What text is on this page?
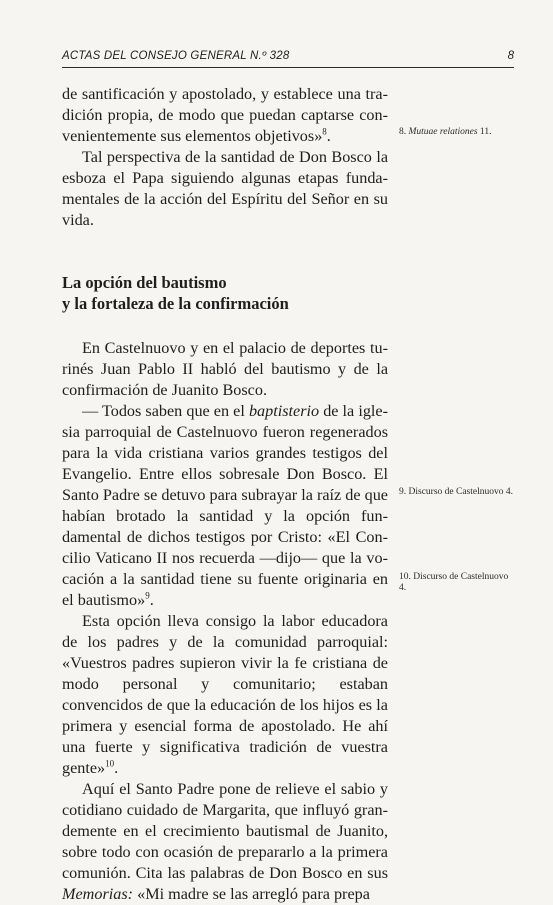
ACTAS DEL CONSEJO GENERAL N.º 328	8

de santificación y apostolado, y establece una tradición propia, de modo que puedan captarse convenientemente sus elementos objetivos»$^8$.

Tal perspectiva de la santidad de Don Bosco la esboza el Papa siguiendo algunas etapas fundamentales de la acción del Espíritu del Señor en su vida.

La opción del bautismo
y la fortaleza de la confirmación

En Castelnuovo y en el palacio de deportes turinés Juan Pablo II habló del bautismo y de la confirmación de Juanito Bosco.

— Todos saben que en el baptisterio de la iglesia parroquial de Castelnuovo fueron regenerados para la vida cristiana varios grandes testigos del Evangelio. Entre ellos sobresale Don Bosco. El Santo Padre se detuvo para subrayar la raíz de que habían brotado la santidad y la opción fundamental de dichos testigos por Cristo: «El Concilio Vaticano II nos recuerda —dijo— que la vocación a la santidad tiene su fuente originaria en el bautismo»$^9$.

Esta opción lleva consigo la labor educadora de los padres y de la comunidad parroquial: «Vuestros padres supieron vivir la fe cristiana de modo personal y comunitario; estaban convencidos de que la educación de los hijos es la primera y esencial forma de apostolado. He ahí una fuerte y significativa tradición de vuestra gente»$^{10}$.

Aquí el Santo Padre pone de relieve el sabio y cotidiano cuidado de Margarita, que influyó grandemente en el crecimiento bautismal de Juanito, sobre todo con ocasión de prepararlo a la primera comunión. Cita las palabras de Don Bosco en sus Memorias: «Mi madre se las arregló para prepa

8. Mutuae relationes 11.
9. Discurso de Castelnuovo 4.
10. Discurso de Castelnuovo 4.
